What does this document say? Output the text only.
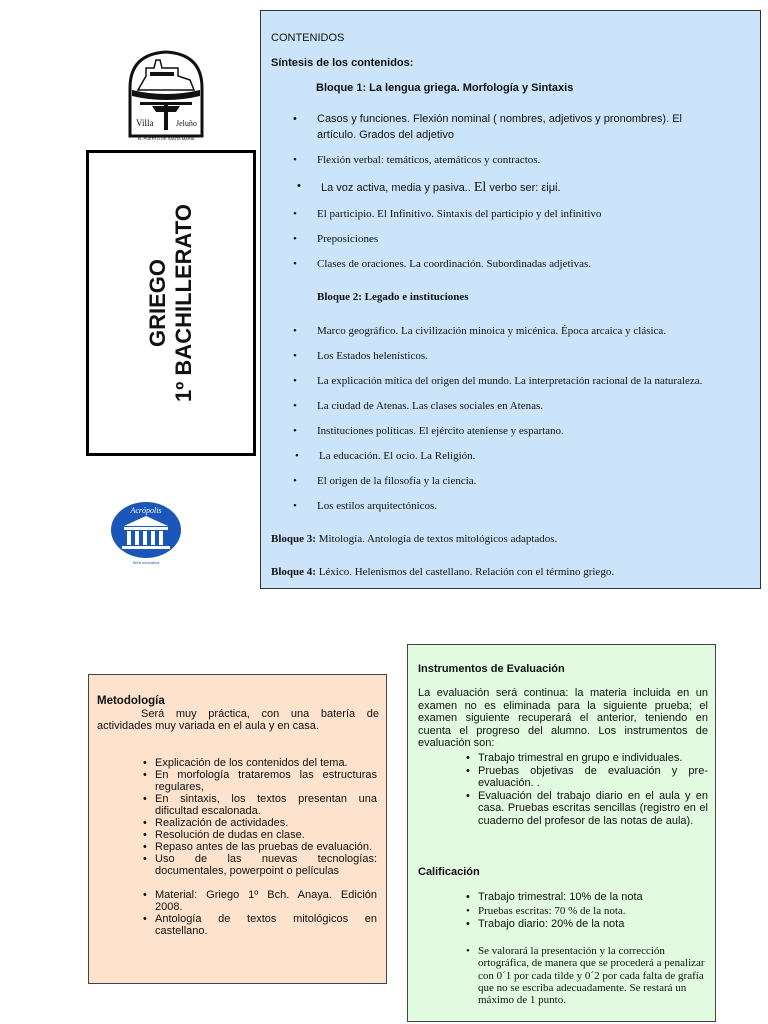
Villa	Jeluño
EL PUERTO DE SANTA MARIA
GRIEGO 1º BACHILLERATO
Acrópolis
Web educativa
CONTENIDOS
Síntesis de los contenidos:
Bloque 1: La lengua griega. Morfología y Sintaxis
• Casos y funciones. Flexión nominal ( nombres, adjetivos y pronombres). El
artículo. Grados del adjetivo
• Flexión verbal: temáticos, atemáticos y contractos.
• La voz activa, media y pasiva.. El verbo ser: εἰμί.
• El participio. El Infinitivo. Sintaxis del participio y del infinitivo
• Preposiciones
• Clases de oraciones. La coordinación. Subordinadas adjetivas.
Bloque 2: Legado e instituciones
• Marco geográfico. La civilización minoica y micénica. Época arcaica y clásica.
• Los Estados helenísticos.
• La explicación mítica del origen del mundo. La interpretación racional de la naturaleza.
• La ciudad de Atenas. Las clases sociales en Atenas.
• Instituciones políticas. El ejército ateniense y espartano.
• La educación. El ocio. La Religión.
• El origen de la filosofía y la ciencia.
• Los estilos arquitectónicos.
Bloque 3: Mitología. Antología de textos mitológicos adaptados.
Bloque 4: Léxico. Helenismos del castellano. Relación con el término griego.
Metodología
Será muy práctica, con una batería de actividades muy variada en el aula y en casa.
• Explicación de los contenidos del tema.
• En morfología trataremos las estructuras regulares,
• En sintaxis, los textos presentan una dificultad escalonada.
• Realización de actividades.
• Resolución de dudas en clase.
• Repaso antes de las pruebas de evaluación.
• Uso de las nuevas tecnologías: documentales, powerpoint o películas
• Material: Griego 1º Bch. Anaya. Edición 2008.
• Antología de textos mitológicos en castellano.
Instrumentos de Evaluación
La evaluación será continua: la materia incluida en un examen no es eliminada para la siguiente prueba; el examen siguiente recuperará el anterior, teniendo en cuenta el progreso del alumno. Los instrumentos de evaluación son:
• Trabajo trimestral en grupo e individuales.
• Pruebas objetivas de evaluación y pre-evaluación. .
• Evaluación del trabajo diario en el aula y en casa. Pruebas escritas sencillas (registro en el cuaderno del profesor de las notas de aula).
Calificación
• Trabajo trimestral: 10% de la nota
• Pruebas escritas: 70 % de la nota.
• Trabajo diario: 20% de la nota
• Se valorará la presentación y la corrección ortográfica, de manera que se procederá a penalizar con 0´1 por cada tilde y 0´2 por cada falta de grafía que no se escriba adecuadamente. Se restará un máximo de 1 punto.
